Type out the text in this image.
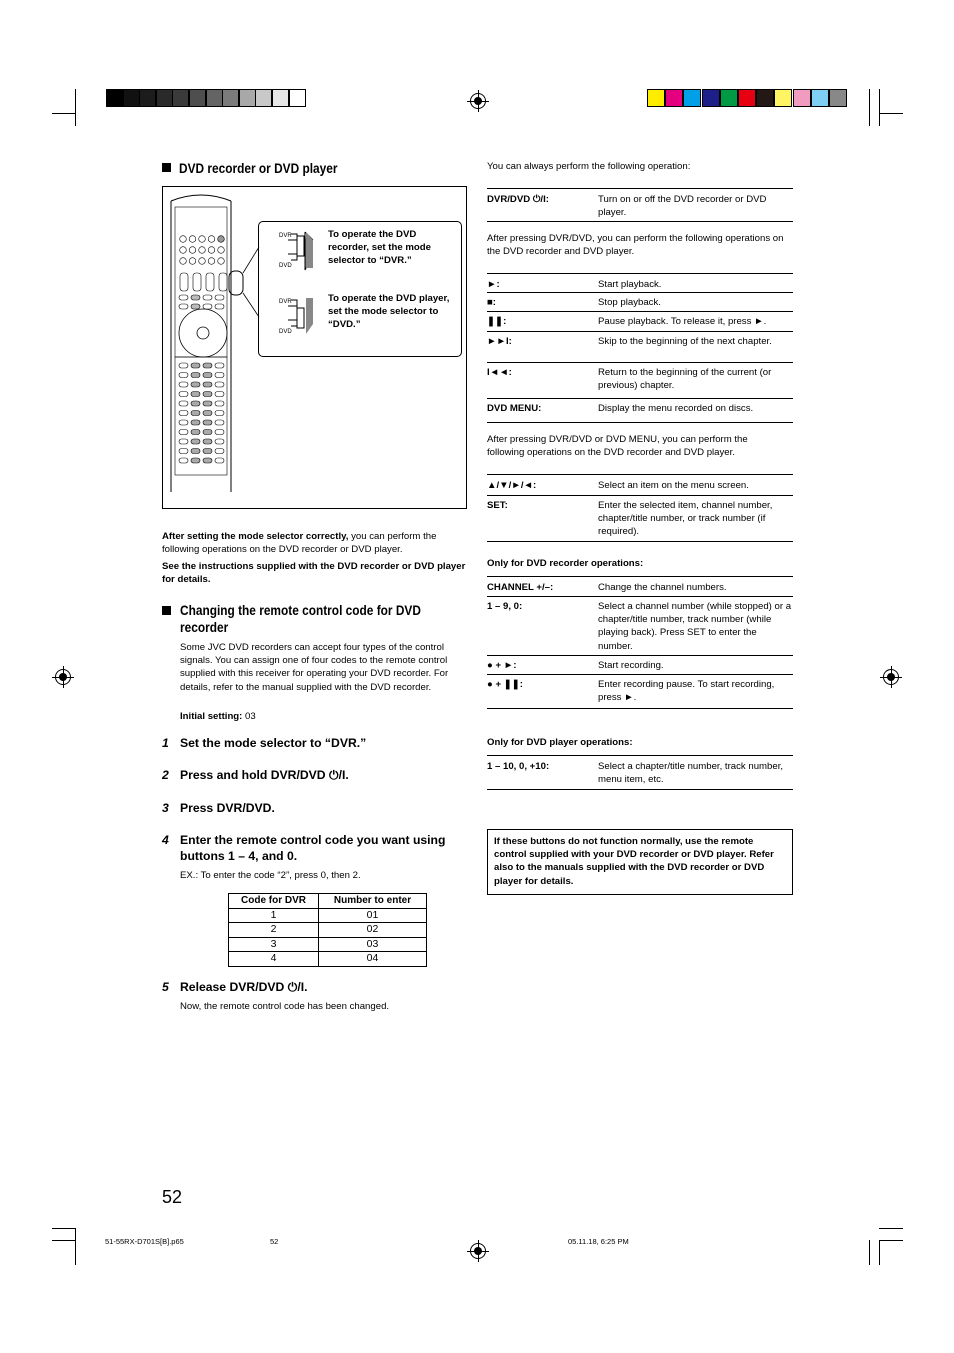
DVD recorder or DVD player
DVR
DVD
DVR
DVD
To operate the DVD recorder, set the mode selector to “DVR.”
To operate the DVD player, set the mode selector to “DVD.”
After setting the mode selector correctly, you can perform the following operations on the DVD recorder or DVD player.
See the instructions supplied with the DVD recorder or DVD player for details.
Changing the remote control code for DVD
recorder
Some JVC DVD recorders can accept four types of the control signals. You can assign one of four codes to the remote control supplied with this receiver for operating your DVD recorder. For details, refer to the manual supplied with the DVD recorder.
Initial setting: 03
1 Set the mode selector to “DVR.”
2 Press and hold DVR/DVD ⏻/I.
3 Press DVR/DVD.
4 Enter the remote control code you want using
buttons 1 – 4, and 0.
EX.: To enter the code “2”, press 0, then 2.
Code for DVR	Number to enter
1	01
2	02
3	03
4	04
5 Release DVR/DVD ⏻/I.
Now, the remote control code has been changed.
You can always perform the following operation:
DVR/DVD ⏻/I:	Turn on or off the DVD recorder or DVD player.
After pressing DVR/DVD, you can perform the following operations on the DVD recorder and DVD player.
►:	Start playback.
■:	Stop playback.
❚❚:	Pause playback. To release it, press ►.
►►I:	Skip to the beginning of the next chapter.
I◄◄:	Return to the beginning of the current (or previous) chapter.
DVD MENU:	Display the menu recorded on discs.
After pressing DVR/DVD or DVD MENU, you can perform the following operations on the DVD recorder and DVD player.
▲/▼/►/◄:	Select an item on the menu screen.
SET:	Enter the selected item, channel number, chapter/title number, or track number (if required).
Only for DVD recorder operations:
CHANNEL +/–:	Change the channel numbers.
1 – 9, 0:	Select a channel number (while stopped) or a chapter/title number, track number (while playing back). Press SET to enter the number.
● + ►:	Start recording.
● + ❚❚:	Enter recording pause. To start recording, press ►.
Only for DVD player operations:
1 – 10, 0, +10:	Select a chapter/title number, track number, menu item, etc.
If these buttons do not function normally, use the remote control supplied with your DVD recorder or DVD player. Refer also to the manuals supplied with the DVD recorder or DVD player for details.
52
51-55RX-D701S[B].p65	52	05.11.18, 6:25 PM
